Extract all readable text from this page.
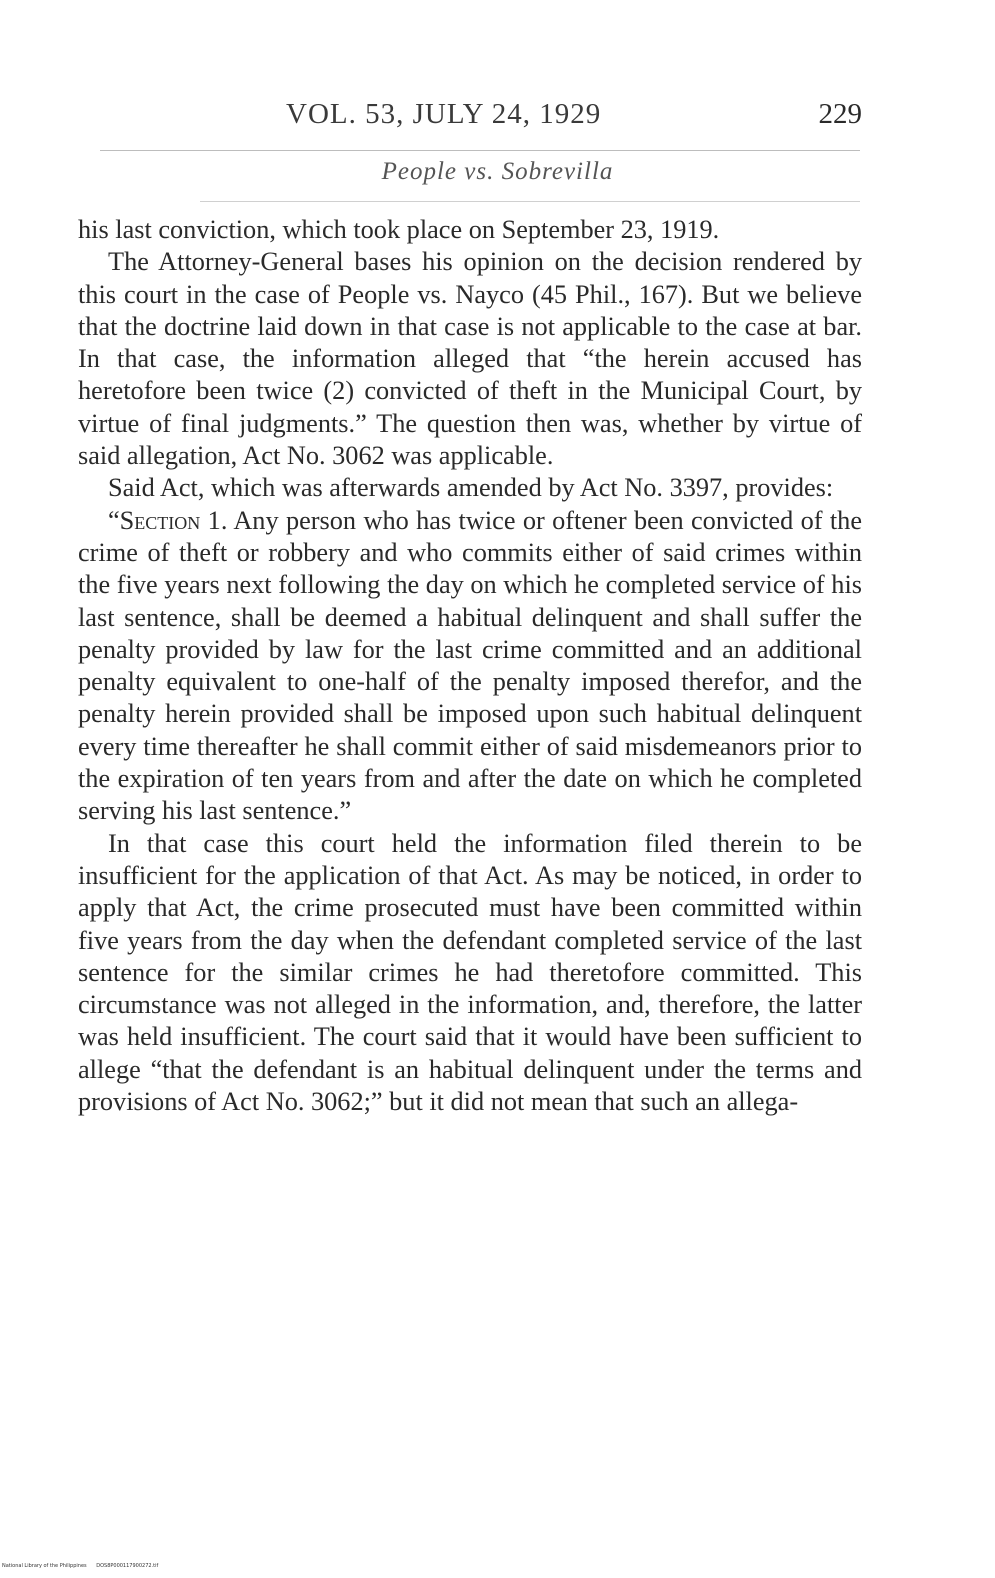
VOL. 53, JULY 24, 1929	229
People vs. Sobrevilla

his last conviction, which took place on September 23, 1919.

The Attorney-General bases his opinion on the decision rendered by this court in the case of People vs. Nayco (45 Phil., 167). But we believe that the doctrine laid down in that case is not applicable to the case at bar. In that case, the information alleged that “the herein accused has heretofore been twice (2) convicted of theft in the Municipal Court, by virtue of final judgments.” The question then was, whether by virtue of said allegation, Act No. 3062 was applicable.

Said Act, which was afterwards amended by Act No. 3397, provides:

“Section 1. Any person who has twice or oftener been convicted of the crime of theft or robbery and who commits either of said crimes within the five years next following the day on which he completed service of his last sentence, shall be deemed a habitual delinquent and shall suffer the penalty provided by law for the last crime committed and an additional penalty equivalent to one-half of the penalty imposed therefor, and the penalty herein provided shall be imposed upon such habitual delinquent every time thereafter he shall commit either of said misdemeanors prior to the expiration of ten years from and after the date on which he completed serving his last sentence.”

In that case this court held the information filed therein to be insufficient for the application of that Act. As may be noticed, in order to apply that Act, the crime prosecuted must have been committed within five years from the day when the defendant completed service of the last sentence for the similar crimes he had theretofore committed. This circumstance was not alleged in the information, and, therefore, the latter was held insufficient. The court said that it would have been sufficient to allege “that the defendant is an habitual delinquent under the terms and provisions of Act No. 3062;” but it did not mean that such an allega-

National Library of the Philippines DOS8P000117900272.tif
